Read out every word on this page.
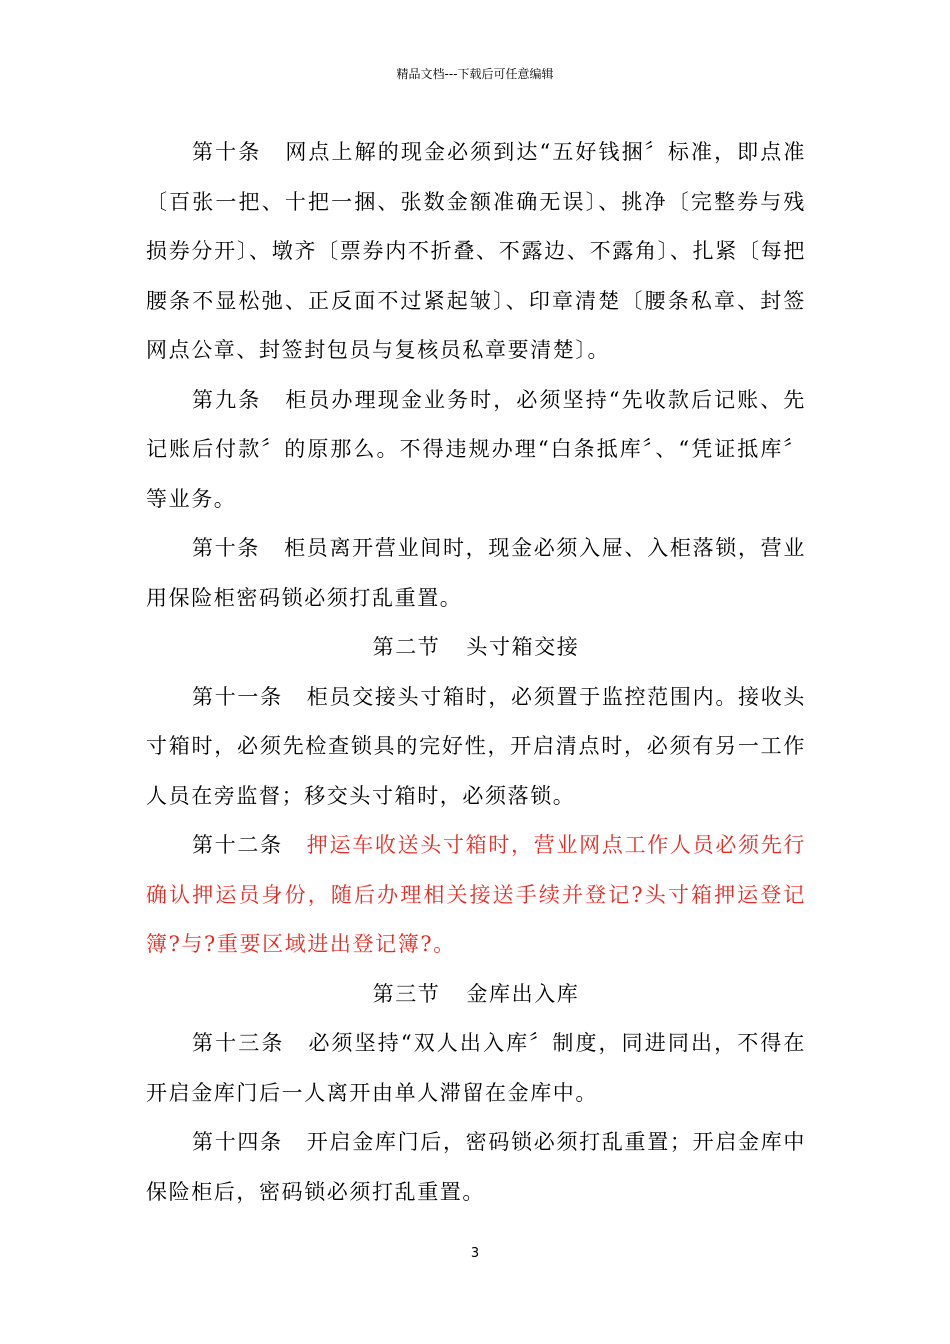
精品文档---下载后可任意编辑

第十条 网点上解的现金必须到达“五好钱捆〞标准，即点准〔百张一把、十把一捆、张数金额准确无误〕、挑净〔完整券与残损券分开〕、墩齐〔票券内不折叠、不露边、不露角〕、扎紧〔每把腰条不显松弛、正反面不过紧起皱〕、印章清楚〔腰条私章、封签网点公章、封签封包员与复核员私章要清楚〕。

第九条 柜员办理现金业务时，必须坚持“先收款后记账、先记账后付款〞的原那么。不得违规办理“白条抵库〞、“凭证抵库〞等业务。

第十条 柜员离开营业间时，现金必须入屉、入柜落锁，营业用保险柜密码锁必须打乱重置。

第二节 头寸箱交接

第十一条 柜员交接头寸箱时，必须置于监控范围内。接收头寸箱时，必须先检查锁具的完好性，开启清点时，必须有另一工作人员在旁监督；移交头寸箱时，必须落锁。

第十二条 押运车收送头寸箱时，营业网点工作人员必须先行确认押运员身份，随后办理相关接送手续并登记?头寸箱押运登记簿?与?重要区域进出登记簿?。

第三节 金库出入库

第十三条 必须坚持“双人出入库〞制度，同进同出，不得在开启金库门后一人离开由单人滞留在金库中。

第十四条 开启金库门后，密码锁必须打乱重置；开启金库中保险柜后，密码锁必须打乱重置。

3
